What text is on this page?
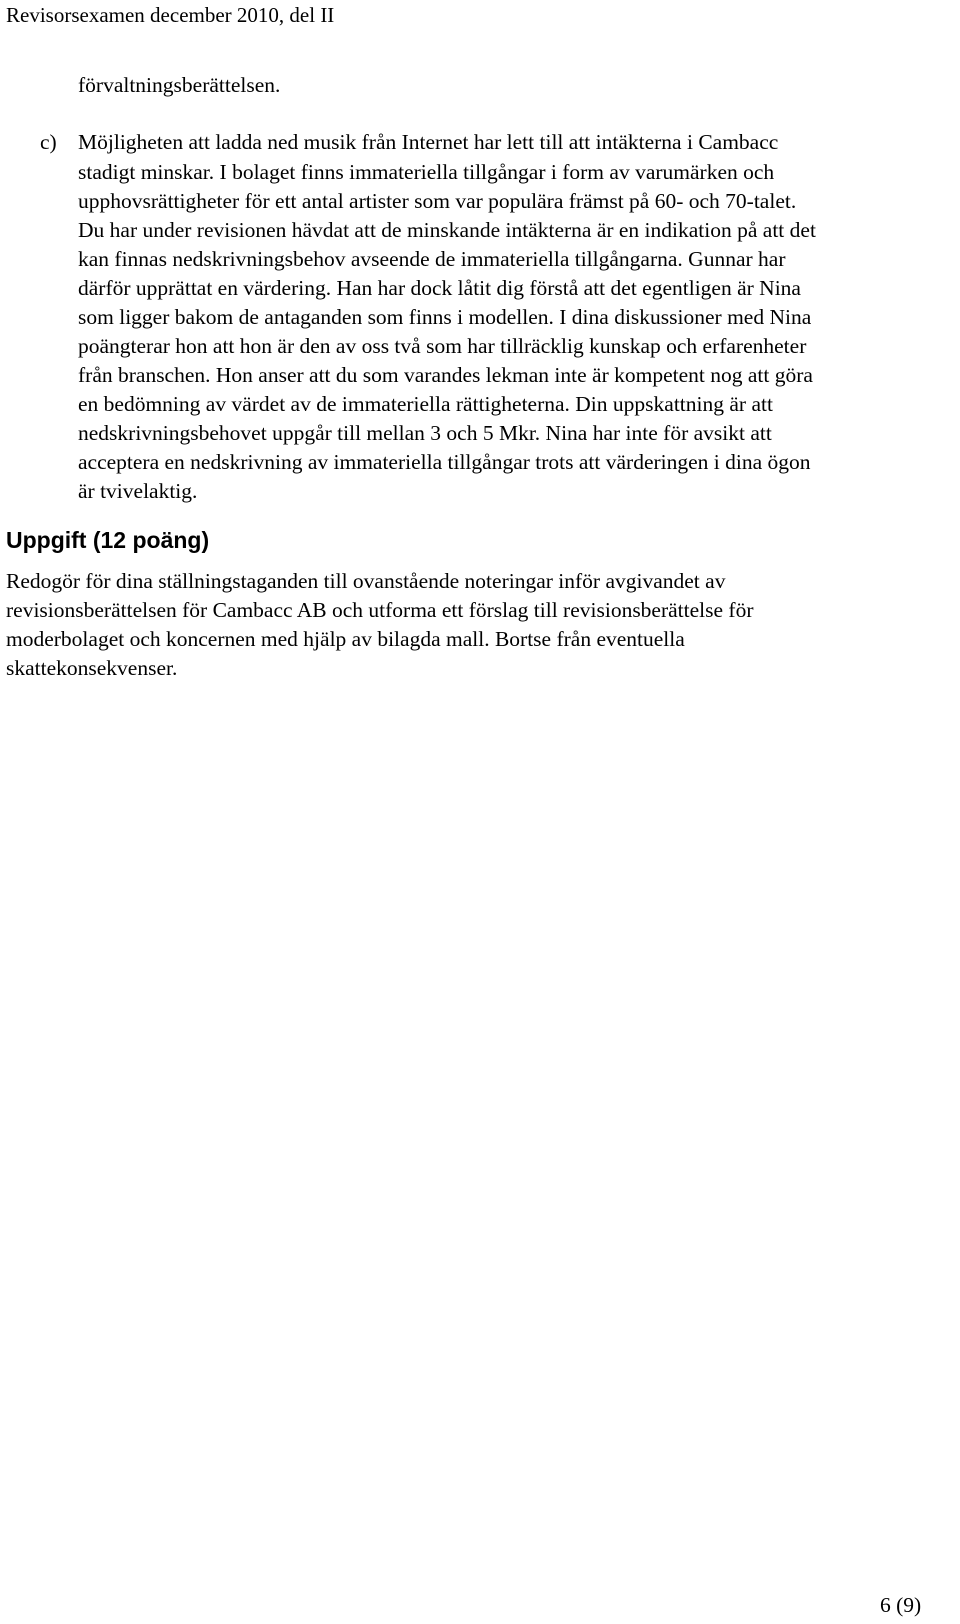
Revisorsexamen december 2010, del II
förvaltningsberättelsen.
c) Möjligheten att ladda ned musik från Internet har lett till att intäkterna i Cambacc
stadigt minskar. I bolaget finns immateriella tillgångar i form av varumärken och
upphovsrättigheter för ett antal artister som var populära främst på 60- och 70-talet.
Du har under revisionen hävdat att de minskande intäkterna är en indikation på att det
kan finnas nedskrivningsbehov avseende de immateriella tillgångarna. Gunnar har
därför upprättat en värdering. Han har dock låtit dig förstå att det egentligen är Nina
som ligger bakom de antaganden som finns i modellen. I dina diskussioner med Nina
poängterar hon att hon är den av oss två som har tillräcklig kunskap och erfarenheter
från branschen. Hon anser att du som varandes lekman inte är kompetent nog att göra
en bedömning av värdet av de immateriella rättigheterna. Din uppskattning är att
nedskrivningsbehovet uppgår till mellan 3 och 5 Mkr. Nina har inte för avsikt att
acceptera en nedskrivning av immateriella tillgångar trots att värderingen i dina ögon
är tvivelaktig.
Uppgift (12 poäng)
Redogör för dina ställningstaganden till ovanstående noteringar inför avgivandet av
revisionsberättelsen för Cambacc AB och utforma ett förslag till revisionsberättelse för
moderbolaget och koncernen med hjälp av bilagda mall. Bortse från eventuella
skattekonsekvenser.
6 (9)
